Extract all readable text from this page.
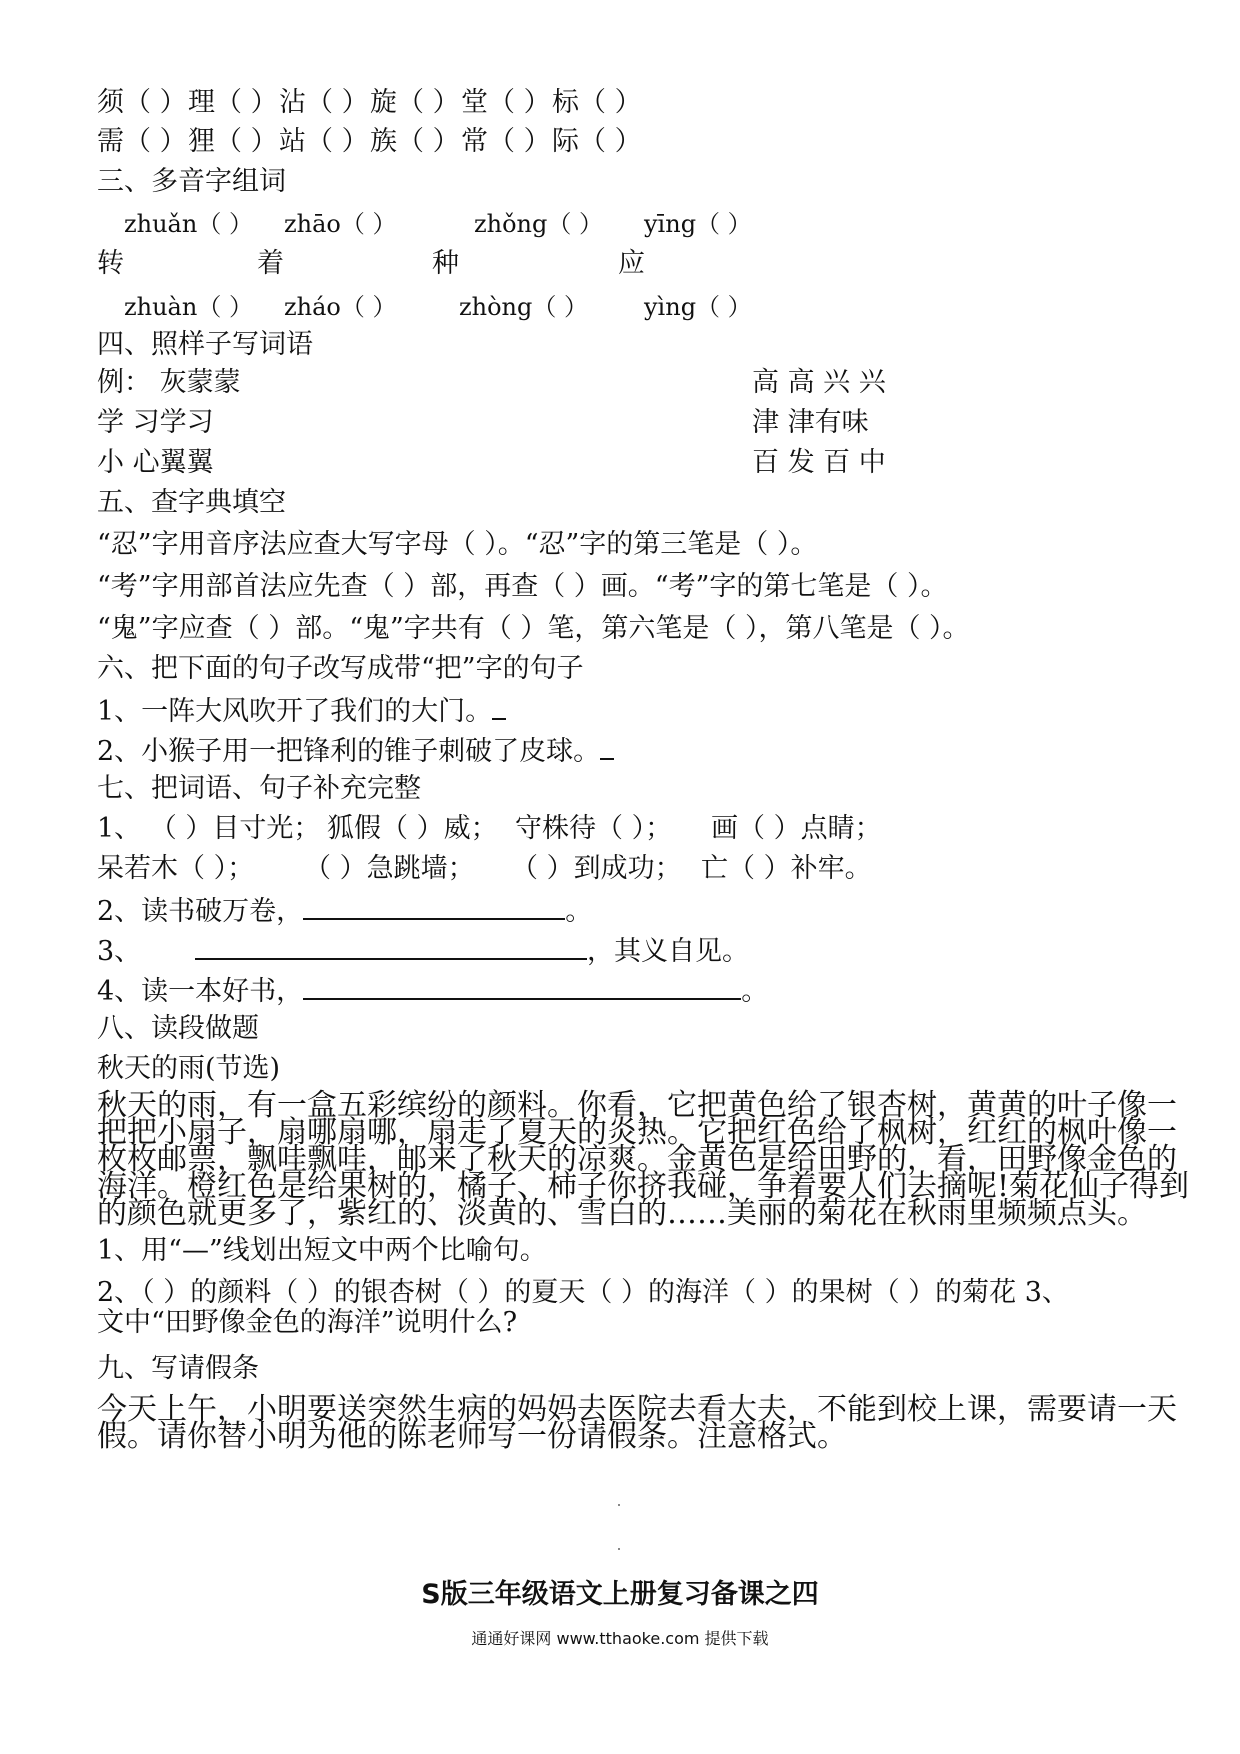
须（ ）理（ ）沾（ ）旋（ ）堂（ ）标（ ）
需（ ）狸（ ）站（ ）族（ ）常（ ）际（ ）
三、多音字组词
zhuǎn（ ） zhāo（ ）	zhǒng（ ） yīng（ ）
转	着	种	应
zhuàn（ ） zháo（ ）	zhòng（ ） yìng（ ）
四、照样子写词语
例： 灰蒙蒙	高 高 兴 兴
学 习学习	津 津有味
小 心翼翼	百 发 百 中
五、查字典填空
“忍”字用音序法应查大写字母（ ）。“忍”字的第三笔是（ ）。
“考”字用部首法应先查（ ）部，再查（ ）画。“考”字的第七笔是（ ）。
“鬼”字应查（ ）部。“鬼”字共有（ ）笔，第六笔是（ ），第八笔是（ ）。
六、把下面的句子改写成带“把”字的句子
1、一阵大风吹开了我们的大门。
2、小猴子用一把锋利的锥子刺破了皮球。
七、把词语、句子补充完整
1、 （ ）目寸光； 狐假（ ）威； 守株待（ ）； 画（ ）点睛；
呆若木（ ）； （ ）急跳墙； （ ）到成功； 亡（ ）补牢。
2、读书破万卷，	。
3、	，其义自见。
4、读一本好书，	。
八、读段做题
秋天的雨(节选)
秋天的雨，有一盒五彩缤纷的颜料。你看，它把黄色给了银杏树，黄黄的叶子像一
把把小扇子，扇哪扇哪，扇走了夏天的炎热。它把红色给了枫树，红红的枫叶像一
枚枚邮票，飘哇飘哇，邮来了秋天的凉爽。金黄色是给田野的，看，田野像金色的
海洋。橙红色是给果树的，橘子、柿子你挤我碰，争着要人们去摘呢!菊花仙子得到
的颜色就更多了，紫红的、淡黄的、雪白的……美丽的菊花在秋雨里频频点头。
1、用“—”线划出短文中两个比喻句。
2、（ ）的颜料（ ）的银杏树（ ）的夏天（ ）的海洋（ ）的果树（ ）的菊花 3、
文中“田野像金色的海洋”说明什么?
九、写请假条
今天上午，小明要送突然生病的妈妈去医院去看大夫，不能到校上课，需要请一天
假。请你替小明为他的陈老师写一份请假条。注意格式。
S版三年级语文上册复习备课之四
通通好课网 www.tthaoke.com 提供下载
